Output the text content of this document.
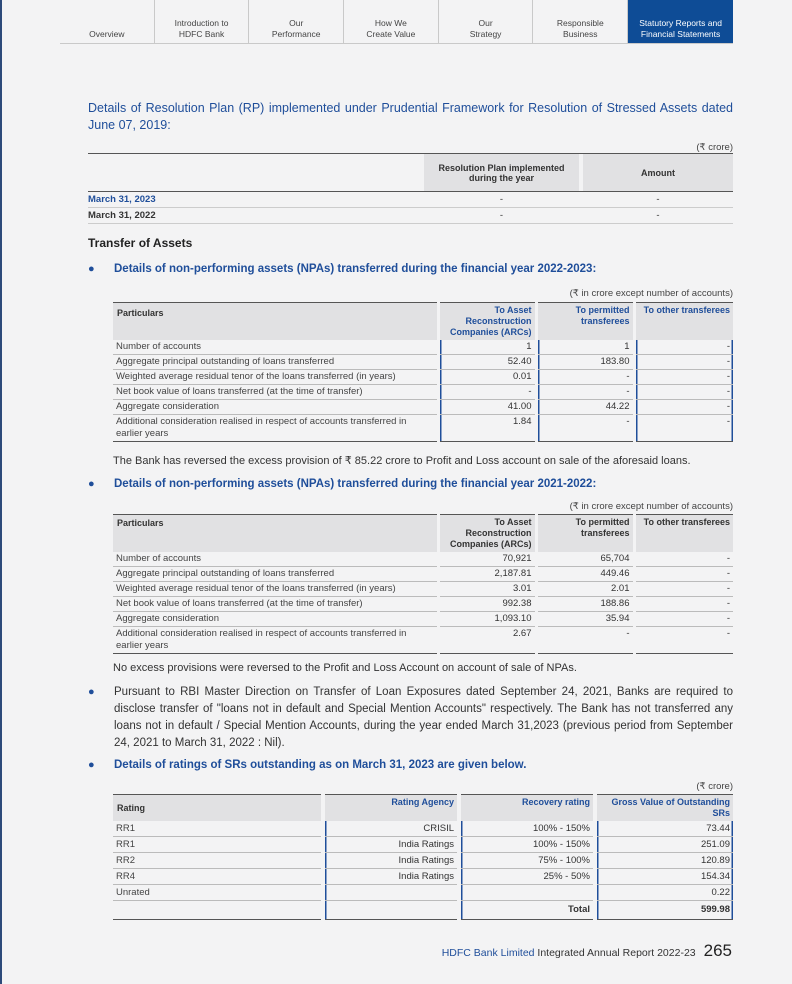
Overview
Introduction to
HDFC Bank
Our
Performance
How We
Create Value
Our
Strategy
Responsible
Business
Statutory Reports and
Financial Statements
Details of Resolution Plan (RP) implemented under Prudential Framework for Resolution of Stressed Assets dated June 07, 2019:
(₹ crore)
	Resolution Plan implemented during the year		Amount
March 31, 2023	-		-
March 31, 2022	-		-
Transfer of Assets
● Details of non-performing assets (NPAs) transferred during the financial year 2022-2023:
(₹ in crore except number of accounts)
Particulars	To Asset Reconstruction Companies (ARCs)	To permitted transferees	To other transferees
Number of accounts	1	1	-
Aggregate principal outstanding of loans transferred	52.40	183.80	-
Weighted average residual tenor of the loans transferred (in years)	0.01	-	-
Net book value of loans transferred (at the time of transfer)	-	-	-
Aggregate consideration	41.00	44.22	-
Additional consideration realised in respect of accounts transferred in earlier years	1.84	-	-
The Bank has reversed the excess provision of ₹ 85.22 crore to Profit and Loss account on sale of the aforesaid loans.
● Details of non-performing assets (NPAs) transferred during the financial year 2021-2022:
(₹ in crore except number of accounts)
Particulars	To Asset Reconstruction Companies (ARCs)	To permitted transferees	To other transferees
Number of accounts	70,921	65,704	-
Aggregate principal outstanding of loans transferred	2,187.81	449.46	-
Weighted average residual tenor of the loans transferred (in years)	3.01	2.01	-
Net book value of loans transferred (at the time of transfer)	992.38	188.86	-
Aggregate consideration	1,093.10	35.94	-
Additional consideration realised in respect of accounts transferred in earlier years	2.67	-	-
No excess provisions were reversed to the Profit and Loss Account on account of sale of NPAs.
● Pursuant to RBI Master Direction on Transfer of Loan Exposures dated September 24, 2021, Banks are required to disclose transfer of "loans not in default and Special Mention Accounts" respectively. The Bank has not transferred any loans not in default / Special Mention Accounts, during the year ended March 31,2023 (previous period from September 24, 2021 to March 31, 2022 : Nil).
● Details of ratings of SRs outstanding as on March 31, 2023 are given below.
(₹ crore)
Rating	Rating Agency	Recovery rating	Gross Value of Outstanding SRs
RR1	CRISIL	100% - 150%	73.44
RR1	India Ratings	100% - 150%	251.09
RR2	India Ratings	75% - 100%	120.89
RR4	India Ratings	25% - 50%	154.34
Unrated			0.22
		Total	599.98
HDFC Bank Limited Integrated Annual Report 2022-23 265
